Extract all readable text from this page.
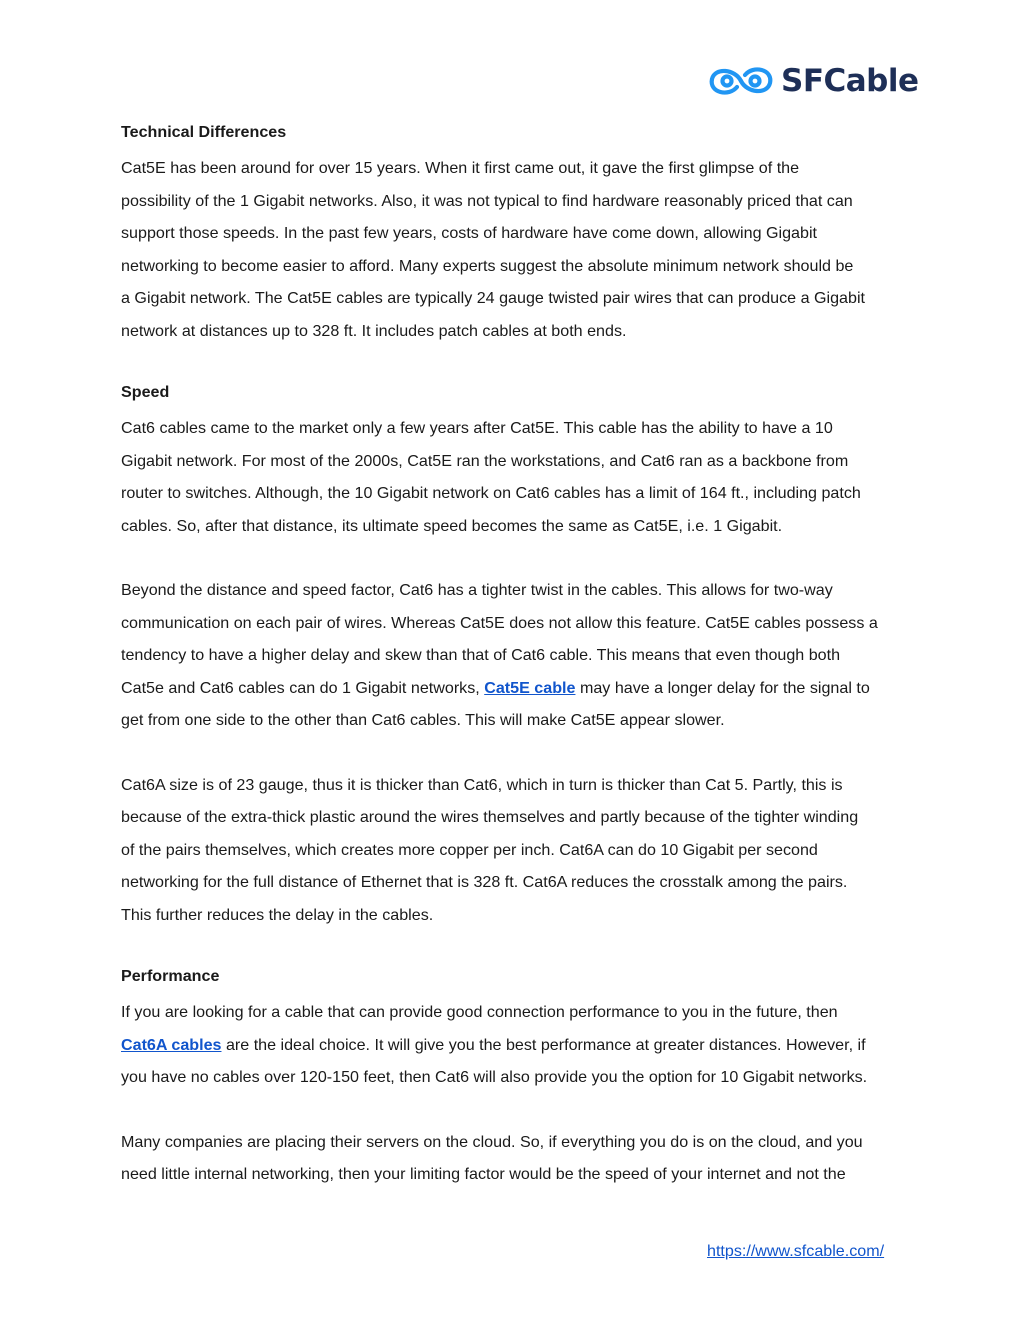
SFCable
Technical Differences

Cat5E has been around for over 15 years. When it first came out, it gave the first glimpse of the

possibility of the 1 Gigabit networks. Also, it was not typical to find hardware reasonably priced that can

support those speeds. In the past few years, costs of hardware have come down, allowing Gigabit

networking to become easier to afford. Many experts suggest the absolute minimum network should be

a Gigabit network. The Cat5E cables are typically 24 gauge twisted pair wires that can produce a Gigabit

network at distances up to 328 ft. It includes patch cables at both ends.

Speed

Cat6 cables came to the market only a few years after Cat5E. This cable has the ability to have a 10

Gigabit network. For most of the 2000s, Cat5E ran the workstations, and Cat6 ran as a backbone from

router to switches. Although, the 10 Gigabit network on Cat6 cables has a limit of 164 ft., including patch

cables. So, after that distance, its ultimate speed becomes the same as Cat5E, i.e. 1 Gigabit.

Beyond the distance and speed factor, Cat6 has a tighter twist in the cables. This allows for two-way

communication on each pair of wires. Whereas Cat5E does not allow this feature. Cat5E cables possess a

tendency to have a higher delay and skew than that of Cat6 cable. This means that even though both

Cat5e and Cat6 cables can do 1 Gigabit networks, Cat5E cable may have a longer delay for the signal to

get from one side to the other than Cat6 cables. This will make Cat5E appear slower.

Cat6A size is of 23 gauge, thus it is thicker than Cat6, which in turn is thicker than Cat 5. Partly, this is

because of the extra-thick plastic around the wires themselves and partly because of the tighter winding

of the pairs themselves, which creates more copper per inch. Cat6A can do 10 Gigabit per second

networking for the full distance of Ethernet that is 328 ft. Cat6A reduces the crosstalk among the pairs.

This further reduces the delay in the cables.

Performance

If you are looking for a cable that can provide good connection performance to you in the future, then

Cat6A cables are the ideal choice. It will give you the best performance at greater distances. However, if

you have no cables over 120-150 feet, then Cat6 will also provide you the option for 10 Gigabit networks.

Many companies are placing their servers on the cloud. So, if everything you do is on the cloud, and you

need little internal networking, then your limiting factor would be the speed of your internet and not the

https://www.sfcable.com/
